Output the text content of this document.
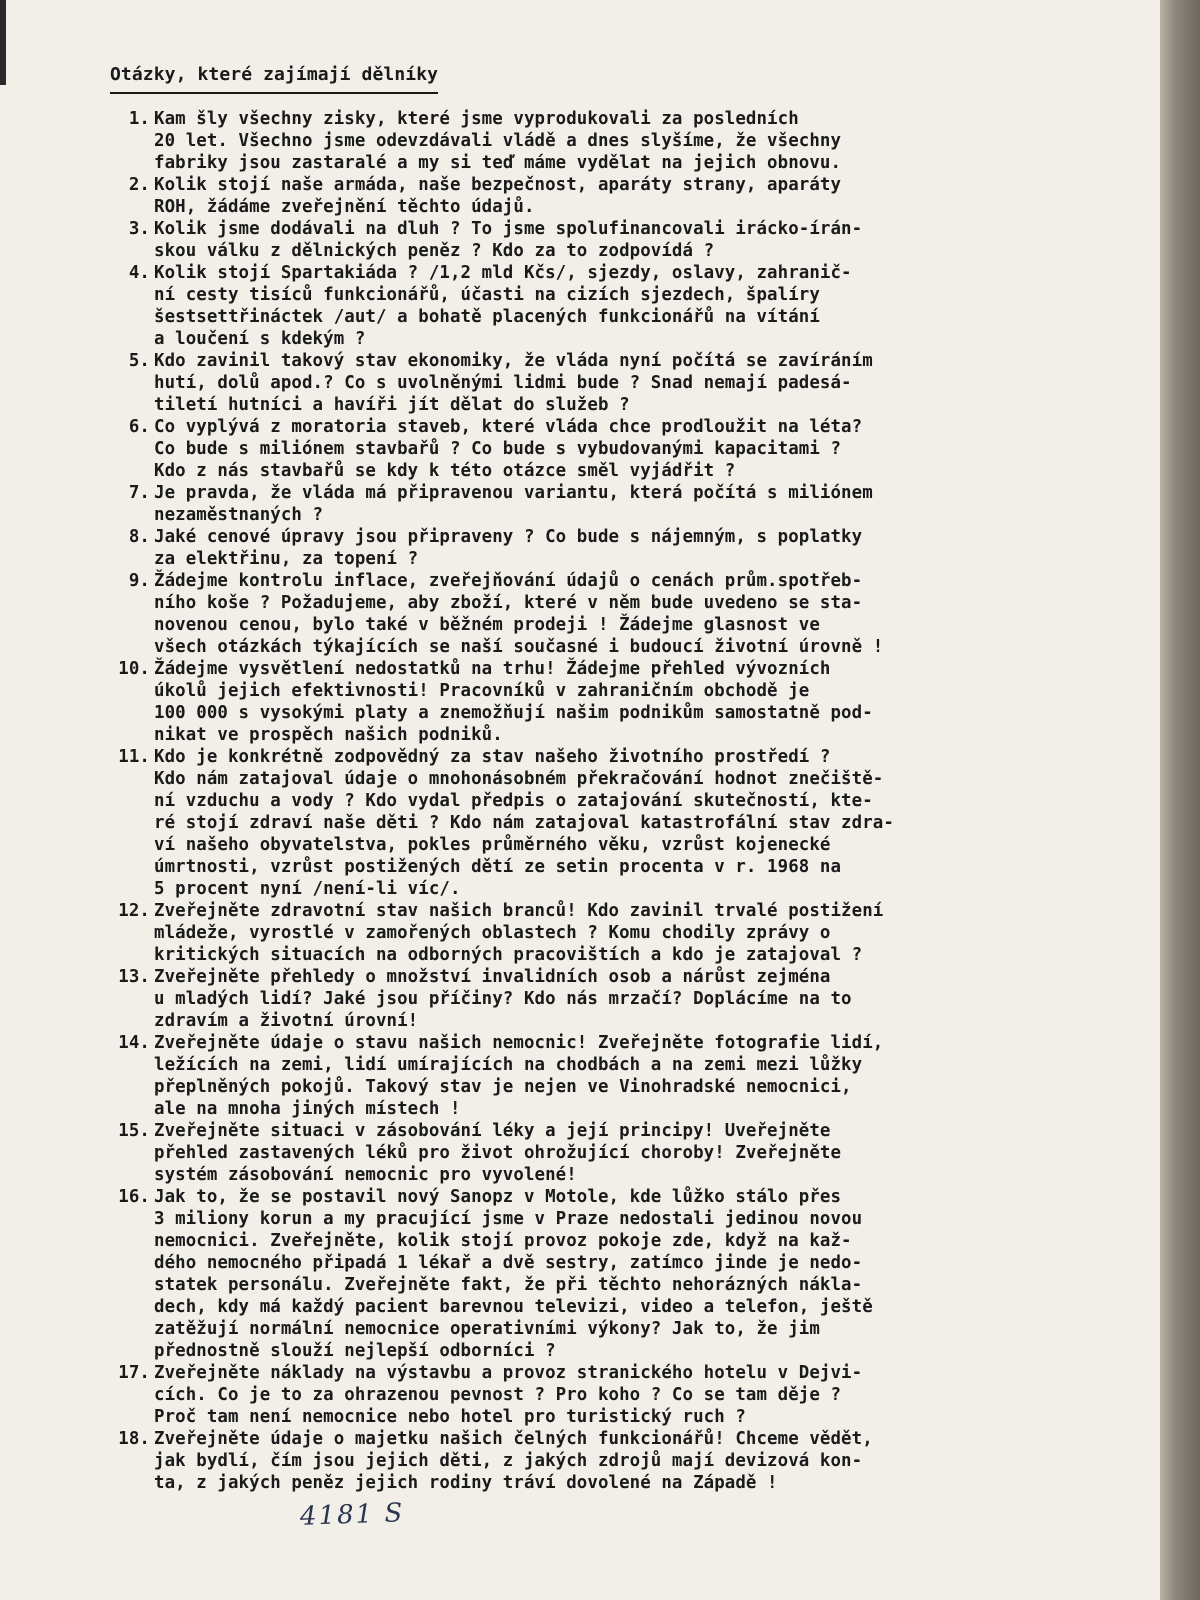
Otázky, které zajímají dělníky
1. Kam šly všechny zisky, které jsme vyprodukovali za posledních
20 let. Všechno jsme odevzdávali vládě a dnes slyšíme, že všechny
fabriky jsou zastaralé a my si teď máme vydělat na jejich obnovu.
2. Kolik stojí naše armáda, naše bezpečnost, aparáty strany, aparáty
ROH, žádáme zveřejnění těchto údajů.
3. Kolik jsme dodávali na dluh ? To jsme spolufinancovali irácko-írán-
skou válku z dělnických peněz ? Kdo za to zodpovídá ?
4. Kolik stojí Spartakiáda ? /1,2 mld Kčs/, sjezdy, oslavy, zahranič-
ní cesty tisíců funkcionářů, účasti na cizích sjezdech, špalíry
šestsettřináctek /aut/ a bohatě placených funkcionářů na vítání
a loučení s kdekým ?
5. Kdo zavinil takový stav ekonomiky, že vláda nyní počítá se zavíráním
hutí, dolů apod.? Co s uvolněnými lidmi bude ? Snad nemají padesá-
tiletí hutníci a havíři jít dělat do služeb ?
6. Co vyplývá z moratoria staveb, které vláda chce prodloužit na léta?
Co bude s miliónem stavbařů ? Co bude s vybudovanými kapacitami ?
Kdo z nás stavbařů se kdy k této otázce směl vyjádřit ?
7. Je pravda, že vláda má připravenou variantu, která počítá s miliónem
nezaměstnaných ?
8. Jaké cenové úpravy jsou připraveny ? Co bude s nájemným, s poplatky
za elektřinu, za topení ?
9. Žádejme kontrolu inflace, zveřejňování údajů o cenách prům.spotřeb-
ního koše ? Požadujeme, aby zboží, které v něm bude uvedeno se sta-
novenou cenou, bylo také v běžném prodeji ! Žádejme glasnost ve
všech otázkách týkajících se naší současné i budoucí životní úrovně !
10. Žádejme vysvětlení nedostatků na trhu! Žádejme přehled vývozních
úkolů jejich efektivnosti! Pracovníků v zahraničním obchodě je
100 000 s vysokými platy a znemožňují našim podnikům samostatně pod-
nikat ve prospěch našich podniků.
11. Kdo je konkrétně zodpovědný za stav našeho životního prostředí ?
Kdo nám zatajoval údaje o mnohonásobném překračování hodnot znečiště-
ní vzduchu a vody ? Kdo vydal předpis o zatajování skutečností, kte-
ré stojí zdraví naše děti ? Kdo nám zatajoval katastrofální stav zdra-
ví našeho obyvatelstva, pokles průměrného věku, vzrůst kojenecké
úmrtnosti, vzrůst postižených dětí ze setin procenta v r. 1968 na
5 procent nyní /není-li víc/.
12. Zveřejněte zdravotní stav našich branců! Kdo zavinil trvalé postižení
mládeže, vyrostlé v zamořených oblastech ? Komu chodily zprávy o
kritických situacích na odborných pracovištích a kdo je zatajoval ?
13. Zveřejněte přehledy o množství invalidních osob a nárůst zejména
u mladých lidí? Jaké jsou příčiny? Kdo nás mrzačí? Doplácíme na to
zdravím a životní úrovní!
14. Zveřejněte údaje o stavu našich nemocnic! Zveřejněte fotografie lidí,
ležících na zemi, lidí umírajících na chodbách a na zemi mezi lůžky
přeplněných pokojů. Takový stav je nejen ve Vinohradské nemocnici,
ale na mnoha jiných místech !
15. Zveřejněte situaci v zásobování léky a její principy! Uveřejněte
přehled zastavených léků pro život ohrožující choroby! Zveřejněte
systém zásobování nemocnic pro vyvolené!
16. Jak to, že se postavil nový Sanopz v Motole, kde lůžko stálo přes
3 miliony korun a my pracující jsme v Praze nedostali jedinou novou
nemocnici. Zveřejněte, kolik stojí provoz pokoje zde, když na kaž-
dého nemocného připadá 1 lékař a dvě sestry, zatímco jinde je nedo-
statek personálu. Zveřejněte fakt, že při těchto nehorázných nákla-
dech, kdy má každý pacient barevnou televizi, video a telefon, ještě
zatěžují normální nemocnice operativními výkony? Jak to, že jim
přednostně slouží nejlepší odborníci ?
17. Zveřejněte náklady na výstavbu a provoz stranického hotelu v Dejvi-
cích. Co je to za ohrazenou pevnost ? Pro koho ? Co se tam děje ?
Proč tam není nemocnice nebo hotel pro turistický ruch ?
18. Zveřejněte údaje o majetku našich čelných funkcionářů! Chceme vědět,
jak bydlí, čím jsou jejich děti, z jakých zdrojů mají devizová kon-
ta, z jakých peněz jejich rodiny tráví dovolené na Západě !
4181 S
